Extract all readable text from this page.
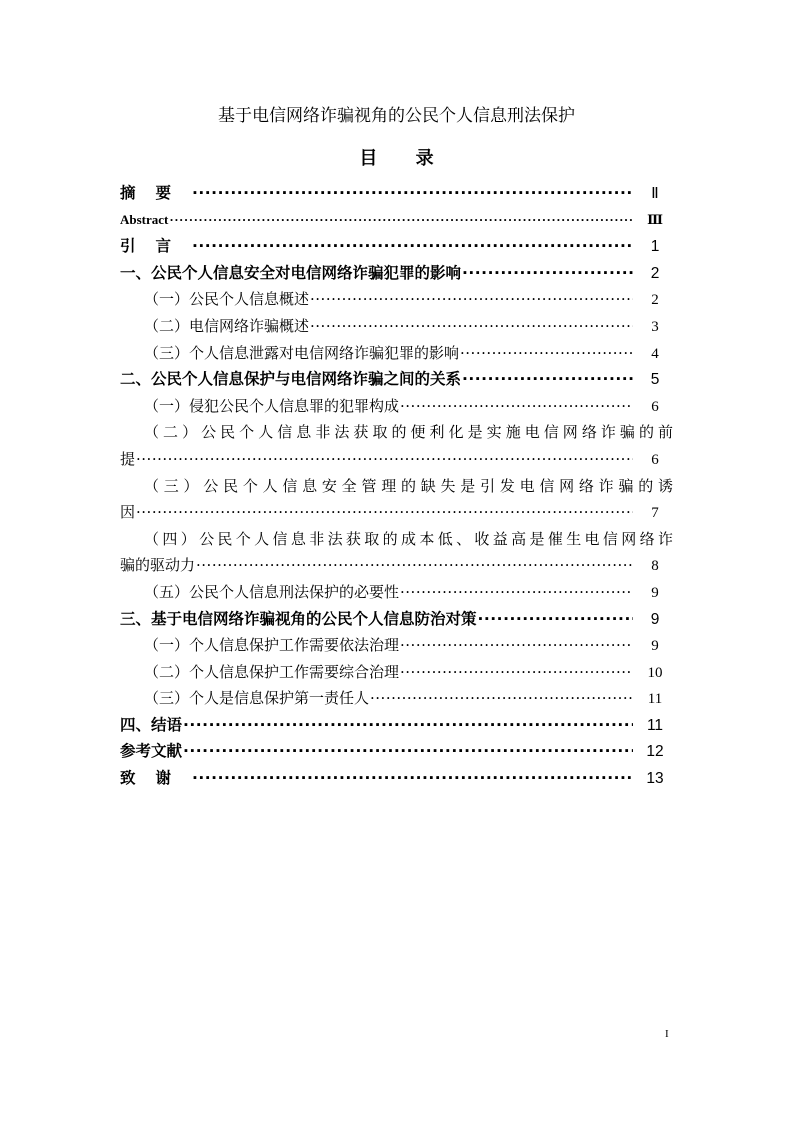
基于电信网络诈骗视角的公民个人信息刑法保护
目 录
摘要 ·····	Ⅱ
Abstract ·····	Ⅲ
引言 ·····	1
一、公民个人信息安全对电信网络诈骗犯罪的影响 ·····	2
（一）公民个人信息概述 ·····	2
（二）电信网络诈骗概述 ·····	3
（三）个人信息泄露对电信网络诈骗犯罪的影响 ·····	4
二、公民个人信息保护与电信网络诈骗之间的关系 ·····	5
（一）侵犯公民个人信息罪的犯罪构成 ·····	6
（二）公民个人信息非法获取的便利化是实施电信网络诈骗的前
提 ·····	6
（三）公民个人信息安全管理的缺失是引发电信网络诈骗的诱
因 ·····	7
（四）公民个人信息非法获取的成本低、收益高是催生电信网络诈
骗的驱动力 ·····	8
（五）公民个人信息刑法保护的必要性 ·····	9
三、基于电信网络诈骗视角的公民个人信息防治对策 ·····	9
（一）个人信息保护工作需要依法治理 ·····	9
（二）个人信息保护工作需要综合治理 ·····	10
（三）个人是信息保护第一责任人 ·····	11
四、结语 ·····	11
参考文献 ·····	12
致谢 ·····	13
I
